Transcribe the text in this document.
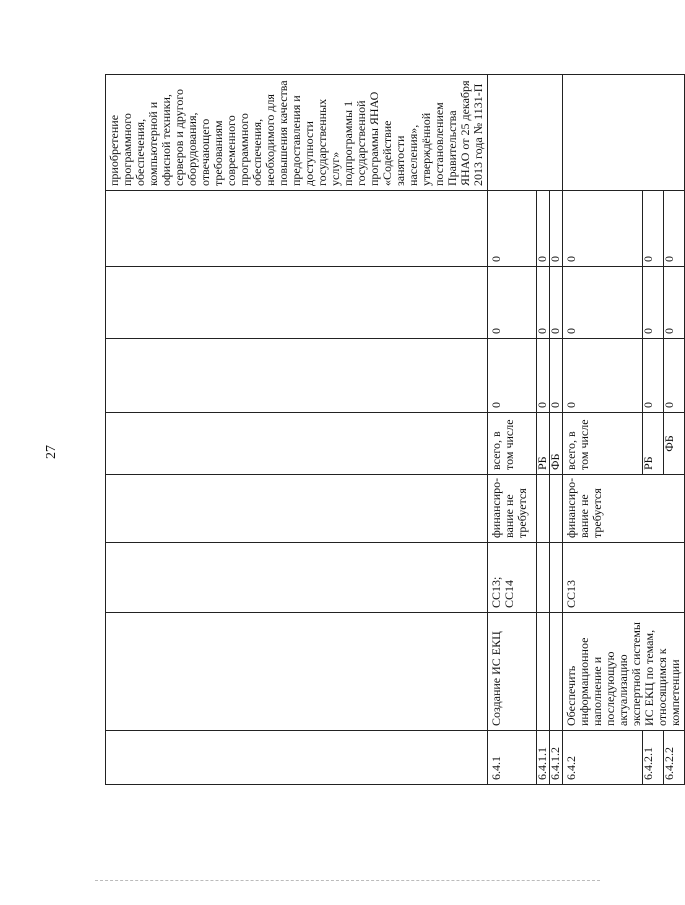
27
								приобретение программного обеспечения, компьютерной и офисной техники, серверов и другого оборудования, отвечающего требованиям современного программного обеспечения, необходимого для повышения качества предоставления и доступности государственных услуг» подпрограммы 1 государственной программы ЯНАО «Содействие занятости населения», утверждённой постановлением Правительства ЯНАО от 25 декабря 2013 года № 1131-П
6.4.1	Создание ИС ЕКЦ	СС13; СС14	финансиро-вание не требуется	всего, в том числе	0	0	0	
6.4.1.1				РБ	0	0	0	
6.4.1.2				ФБ	0	0	0	
6.4.2	Обеспечить информационное наполнение и последующую актуализацию экспертной системы ИС ЕКЦ по темам, относящимся к компетенции	СС13	финансиро-вание не требуется	всего, в том числе	0	0	0	
6.4.2.1				РБ	0	0	0	
6.4.2.2				ФБ	0	0	0	
